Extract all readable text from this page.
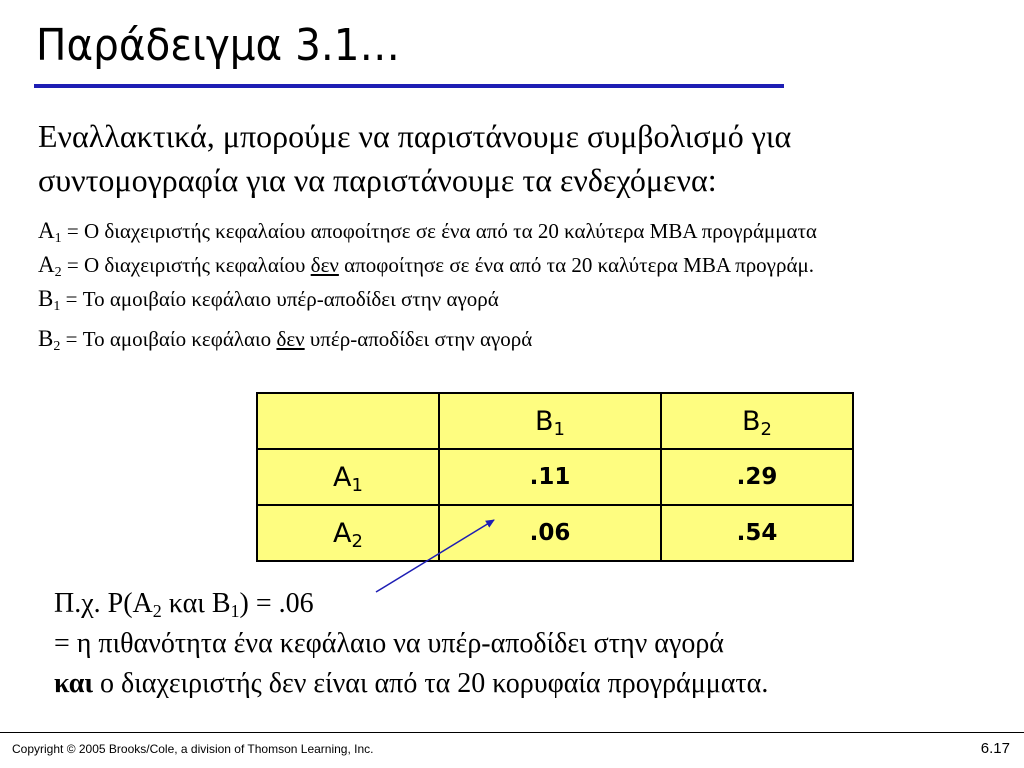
Παράδειγμα 3.1…
Εναλλακτικά, μπορούμε να παριστάνουμε συμβολισμό για συντομογραφία για να παριστάνουμε τα ενδεχόμενα:
$A_1 = O$ διαχειριστής κεφαλαίου αποφοίτησε σε ένα από τα 20 καλύτερα MBA προγράμματα
$A_2 = O$ διαχειριστής κεφαλαίου δεν αποφοίτησε σε ένα από τα 20 καλύτερα MBA προγράμ.
$B_1 = To$ αμοιβαίο κεφάλαιο υπέρ-αποδίδει στην αγορά
$B_2 = To$ αμοιβαίο κεφάλαιο δεν υπέρ-αποδίδει στην αγορά
	$B_1$	$B_2$
$A_1$	.11	.29
$A_2$	.06	.54
Π.χ. $P(A_2$ και $B_1) = .06$
= η πιθανότητα ένα κεφάλαιο να υπέρ-αποδίδει στην αγορά
και ο διαχειριστής δεν είναι από τα 20 κορυφαία προγράμματα.
Copyright © 2005 Brooks/Cole, a division of Thomson Learning, Inc.	6.17
